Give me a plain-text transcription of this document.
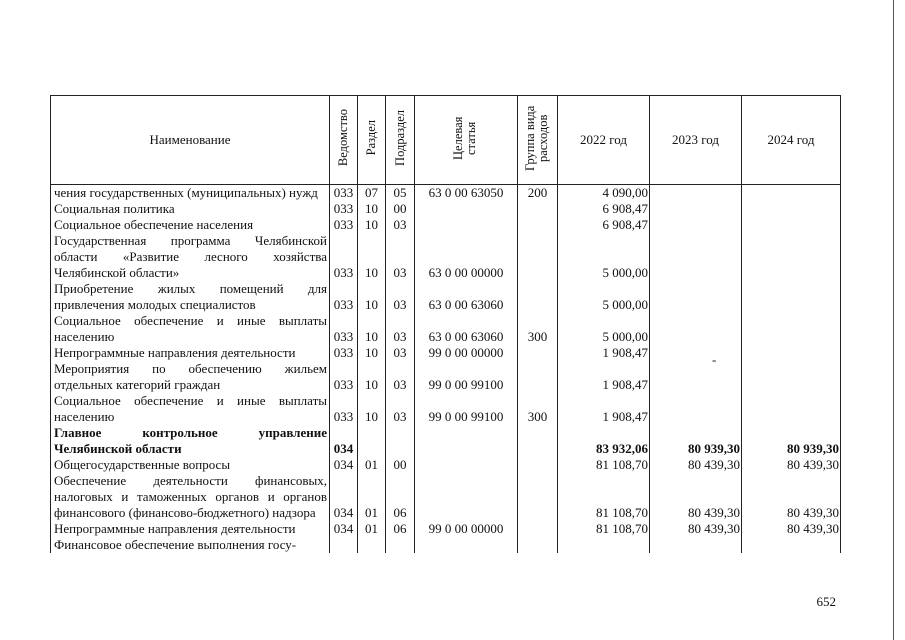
Наименование	Ведомство	Раздел	Подраздел	Целевая статья	Группа вида расходов	2022 год	2023 год	2024 год
чения государственных (муниципальных) нужд	033	07	05	63 0 00 63050	200	4 090,00		
Социальная политика	033	10	00			6 908,47		
Социальное обеспечение населения	033	10	03			6 908,47		
Государственная программа Челябинской области «Развитие лесного хозяйства Челябинской области»	033	10	03	63 0 00 00000		5 000,00		
Приобретение жилых помещений для привлечения молодых специалистов	033	10	03	63 0 00 63060		5 000,00		
Социальное обеспечение и иные выплаты населению	033	10	03	63 0 00 63060	300	5 000,00		
Непрограммные направления деятельности	033	10	03	99 0 00 00000		1 908,47		
Мероприятия по обеспечению жильем отдельных категорий граждан	033	10	03	99 0 00 99100		1 908,47		
Социальное обеспечение и иные выплаты населению	033	10	03	99 0 00 99100	300	1 908,47		
Главное контрольное управление Челябинской области	034					83 932,06	80 939,30	80 939,30
Общегосударственные вопросы	034	01	00			81 108,70	80 439,30	80 439,30
Обеспечение деятельности финансовых, налоговых и таможенных органов и органов финансового (финансово-бюджетного) надзора	034	01	06			81 108,70	80 439,30	80 439,30
Непрограммные направления деятельности	034	01	06	99 0 00 00000		81 108,70	80 439,30	80 439,30
Финансовое обеспечение выполнения госу-								
652
-
